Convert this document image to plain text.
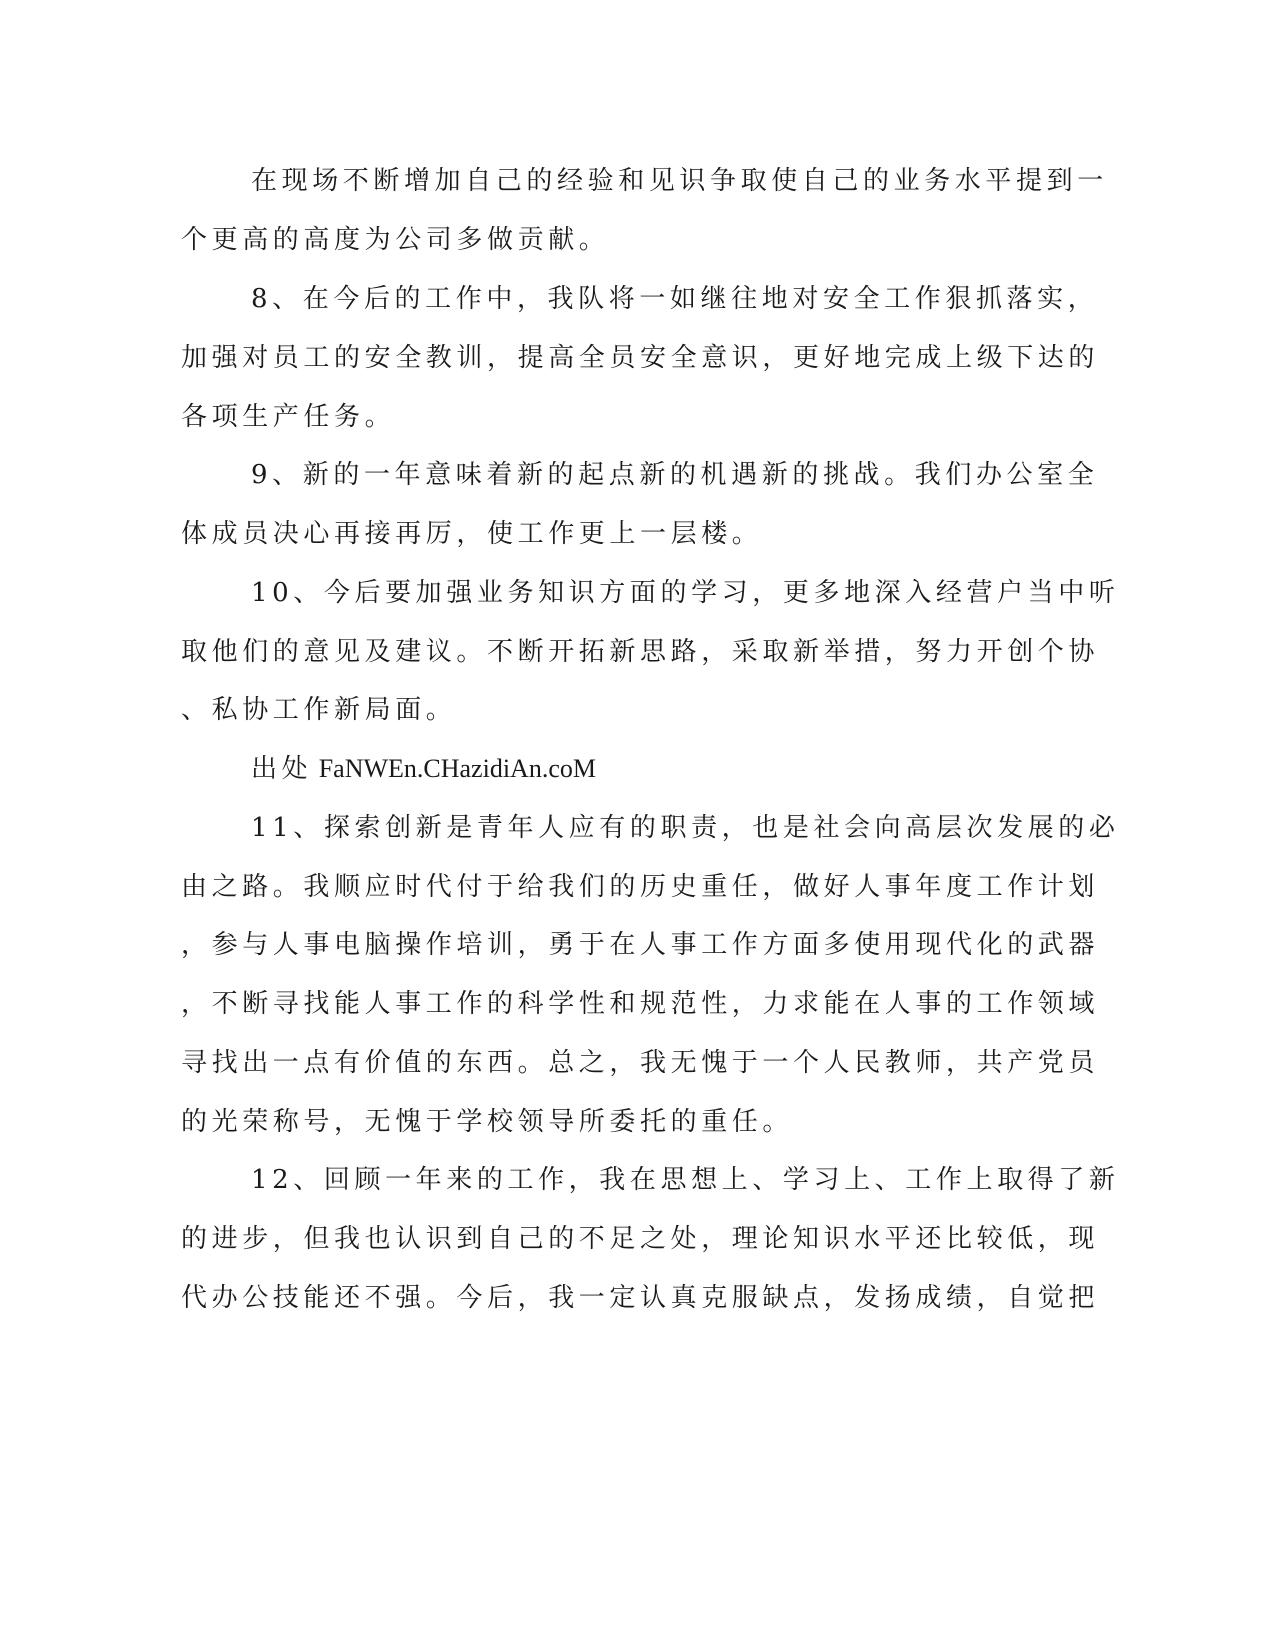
在现场不断增加自己的经验和见识争取使自己的业务水平提到一
个更高的高度为公司多做贡献。
8、在今后的工作中，我队将一如继往地对安全工作狠抓落实，
加强对员工的安全教训，提高全员安全意识，更好地完成上级下达的
各项生产任务。
9、新的一年意味着新的起点新的机遇新的挑战。我们办公室全
体成员决心再接再厉，使工作更上一层楼。
10、今后要加强业务知识方面的学习，更多地深入经营户当中听
取他们的意见及建议。不断开拓新思路，采取新举措，努力开创个协
、私协工作新局面。
出处 FaNWEn.CHazidiAn.coM
11、探索创新是青年人应有的职责，也是社会向高层次发展的必
由之路。我顺应时代付于给我们的历史重任，做好人事年度工作计划
，参与人事电脑操作培训，勇于在人事工作方面多使用现代化的武器
，不断寻找能人事工作的科学性和规范性，力求能在人事的工作领域
寻找出一点有价值的东西。总之，我无愧于一个人民教师，共产党员
的光荣称号，无愧于学校领导所委托的重任。
12、回顾一年来的工作，我在思想上、学习上、工作上取得了新
的进步，但我也认识到自己的不足之处，理论知识水平还比较低，现
代办公技能还不强。今后，我一定认真克服缺点，发扬成绩，自觉把
